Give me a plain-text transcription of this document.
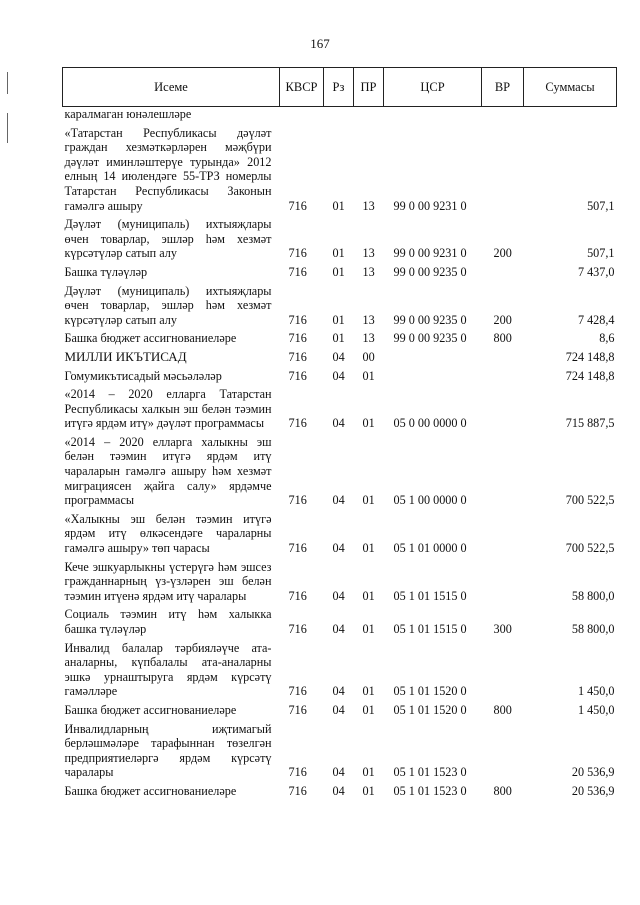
167
Исеме	КВСР	Рз	ПР	ЦСР	ВР	Суммасы
каралмаган юнәлешләре						
«Татарстан Республикасы дәүләт граждан хезмәткәрләрен мәҗбүри дәүләт иминләштерүе турында» 2012 елның 14 июлендәге 55-ТРЗ номерлы Татарстан Республикасы Законын гамәлгә ашыру	716	01	13	99 0 00 9231 0		507,1
Дәүләт (муниципаль) ихтыяҗлары өчен товарлар, эшләр һәм хезмәт күрсәтүләр сатып алу	716	01	13	99 0 00 9231 0	200	507,1
Башка түләүләр	716	01	13	99 0 00 9235 0		7 437,0
Дәүләт (муниципаль) ихтыяҗлары өчен товарлар, эшләр һәм хезмәт күрсәтүләр сатып алу	716	01	13	99 0 00 9235 0	200	7 428,4
Башка бюджет ассигнованиеләре	716	01	13	99 0 00 9235 0	800	8,6
МИЛЛИ ИКЪТИСАД	716	04	00			724 148,8
Гомумикътисадый мәсьәләләр	716	04	01			724 148,8
«2014 – 2020 елларга Татарстан Республикасы халкын эш белән тәэмин итүгә ярдәм итү» дәүләт программасы	716	04	01	05 0 00 0000 0		715 887,5
«2014 – 2020 елларга халыкны эш белән тәэмин итүгә ярдәм итү чараларын гамәлгә ашыру һәм хезмәт миграциясен җайга салу» ярдәмче программасы	716	04	01	05 1 00 0000 0		700 522,5
«Халыкны эш белән тәэмин итүгә ярдәм итү өлкәсендәге чараларны гамәлгә ашыру» төп чарасы	716	04	01	05 1 01 0000 0		700 522,5
Кече эшкуарлыкны үстерүгә һәм эшсез гражданнарның үз-үзләрен эш белән тәэмин итүенә ярдәм итү чаралары	716	04	01	05 1 01 1515 0		58 800,0
Социаль тәэмин итү һәм халыкка башка түләүләр	716	04	01	05 1 01 1515 0	300	58 800,0
Инвалид балалар тәрбияләүче ата-аналарны, күпбалалы ата-аналарны эшкә урнаштыруга ярдәм күрсәтү гамәлләре	716	04	01	05 1 01 1520 0		1 450,0
Башка бюджет ассигнованиеләре	716	04	01	05 1 01 1520 0	800	1 450,0
Инвалидларның иҗтимагый берләшмәләре тарафыннан төзелгән предприятиеләргә ярдәм күрсәтү чаралары	716	04	01	05 1 01 1523 0		20 536,9
Башка бюджет ассигнованиеләре	716	04	01	05 1 01 1523 0	800	20 536,9
